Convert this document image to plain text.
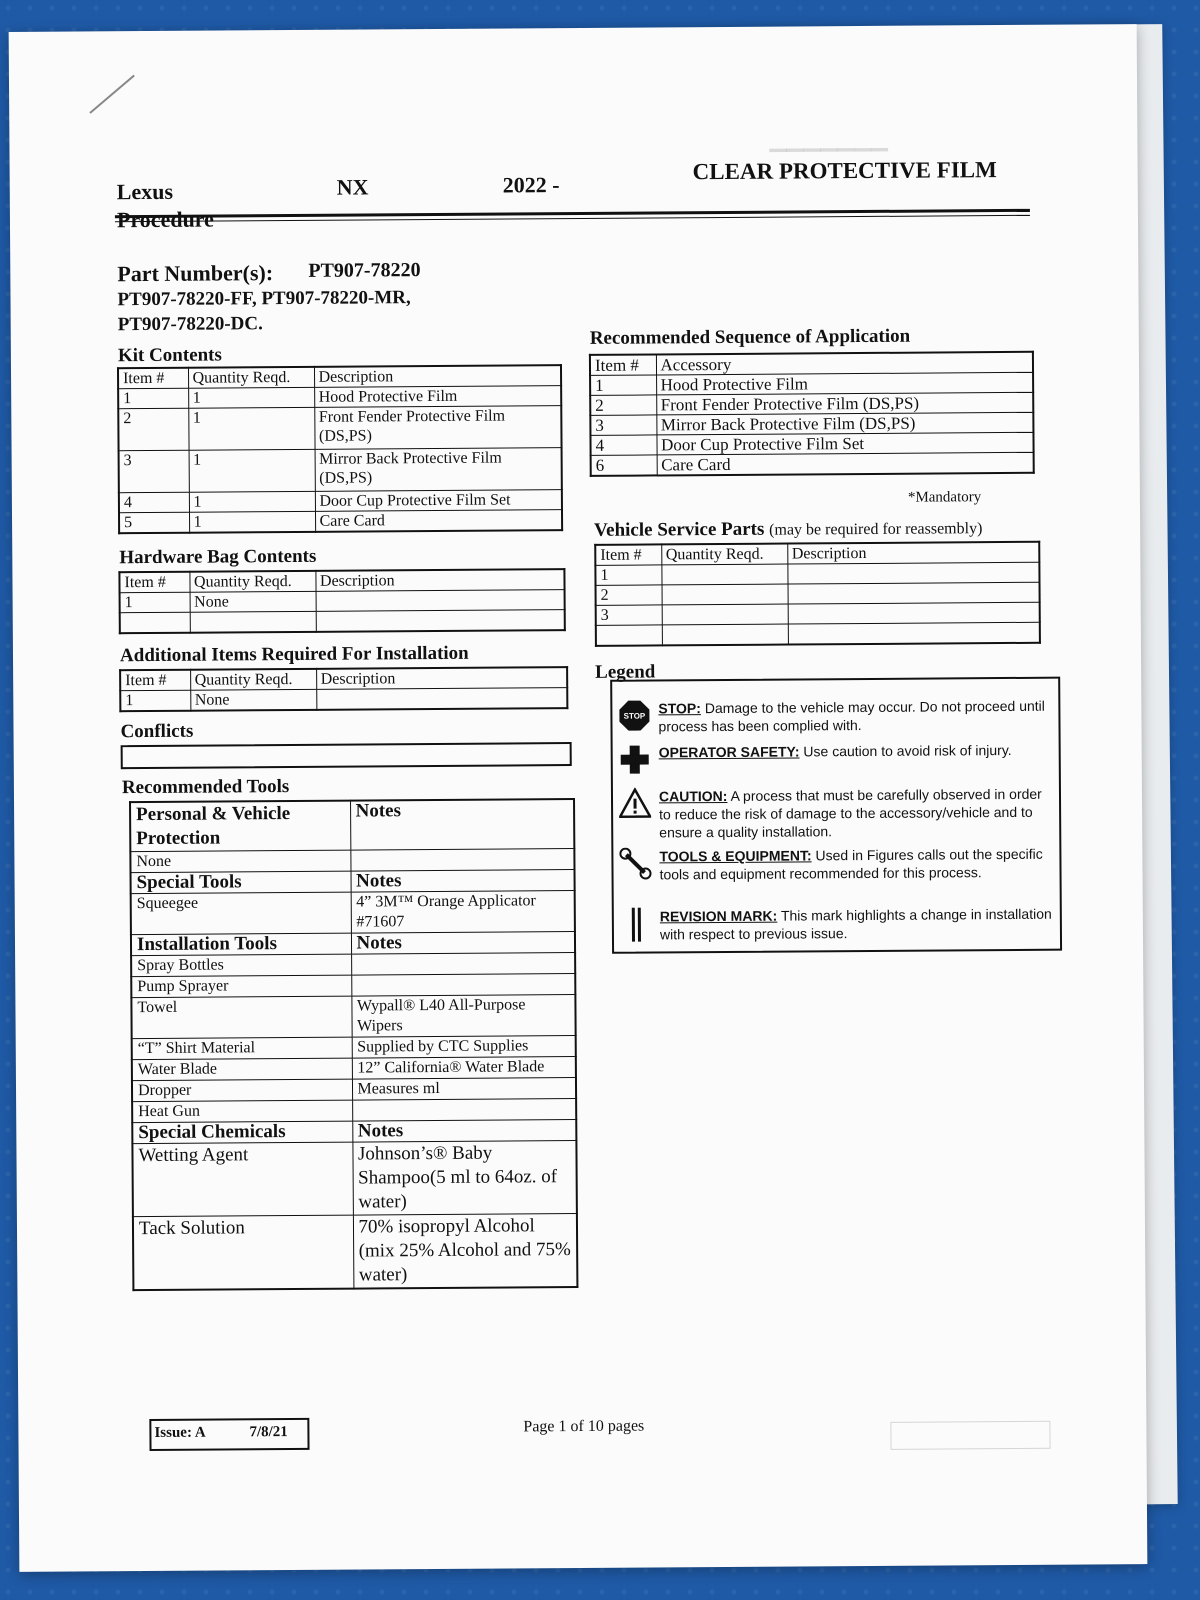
▁▁▁▁▁▁▁
Lexus	NX	2022 -
CLEAR PROTECTIVE FILM
Procedure
Part Number(s): PT907-78220
PT907-78220-FF, PT907-78220-MR,
PT907-78220-DC.
Kit Contents
Item #	Quantity Reqd.	Description
1	1	Hood Protective Film
2	1	Front Fender Protective Film (DS,PS)
3	1	Mirror Back Protective Film (DS,PS)
4	1	Door Cup Protective Film Set
5	1	Care Card
Hardware Bag Contents
Item #	Quantity Reqd.	Description
1	None	

Additional Items Required For Installation
Item #	Quantity Reqd.	Description
1	None	
Conflicts
Recommended Tools
Personal & Vehicle Protection	Notes
None	
Special Tools	Notes
Squeegee	4” 3M™ Orange Applicator #71607
Installation Tools	Notes
Spray Bottles	
Pump Sprayer	
Towel	Wypall® L40 All-Purpose Wipers
“T” Shirt Material	Supplied by CTC Supplies
Water Blade	12” California® Water Blade
Dropper	Measures ml
Heat Gun	
Special Chemicals	Notes
Wetting Agent	Johnson’s® Baby Shampoo(5 ml to 64oz. of water)
Tack Solution	70% isopropyl Alcohol (mix 25% Alcohol and 75% water)
Recommended Sequence of Application
Item #	Accessory
1	Hood Protective Film
2	Front Fender Protective Film (DS,PS)
3	Mirror Back Protective Film (DS,PS)
4	Door Cup Protective Film Set
6	Care Card
*Mandatory
Vehicle Service Parts (may be required for reassembly)
Item #	Quantity Reqd.	Description
1		
2		
3		

Legend
STOP STOP: Damage to the vehicle may occur. Do not proceed until process has been complied with.
OPERATOR SAFETY: Use caution to avoid risk of injury.
CAUTION: A process that must be carefully observed in order to reduce the risk of damage to the accessory/vehicle and to ensure a quality installation.
TOOLS & EQUIPMENT: Used in Figures calls out the specific tools and equipment recommended for this process.
REVISION MARK: This mark highlights a change in installation with respect to previous issue.
Issue: A	7/8/21	Page 1 of 10 pages
